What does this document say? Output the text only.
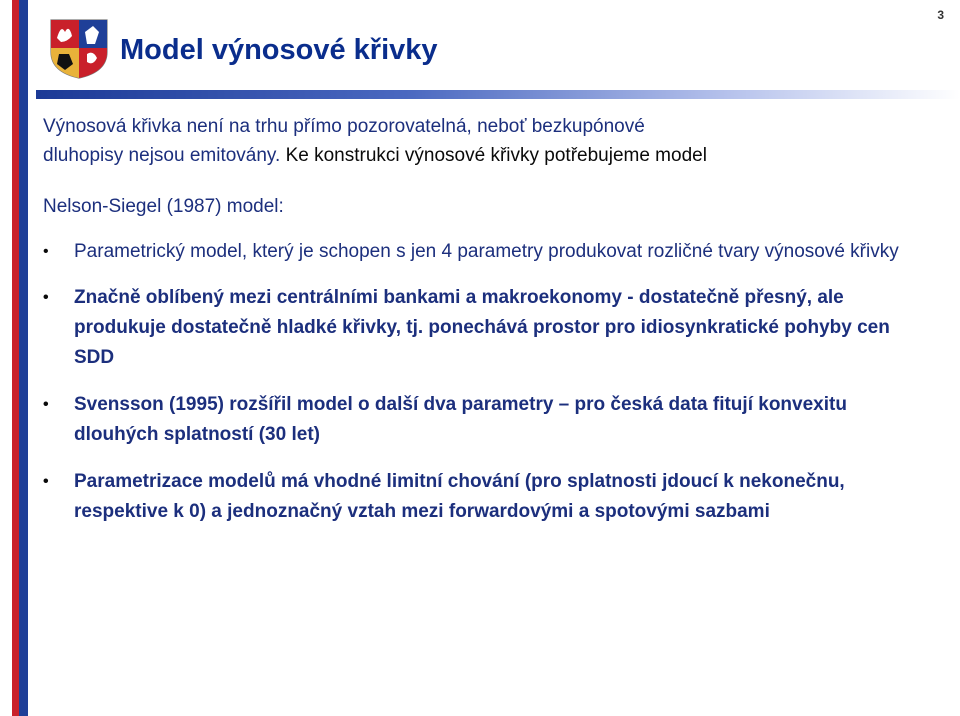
Model výnosové křivky
3
Výnosová křivka není na trhu přímo pozorovatelná, neboť bezkupónové
dluhopisy nejsou emitovány. Ke konstrukci výnosové křivky potřebujeme model
Nelson-Siegel (1987) model:
• Parametrický model, který je schopen s jen 4 parametry produkovat rozličné tvary výnosové křivky
• Značně oblíbený mezi centrálními bankami a makroekonomy - dostatečně přesný, ale produkuje dostatečně hladké křivky, tj. ponechává prostor pro idiosynkratické pohyby cen SDD
• Svensson (1995) rozšířil model o další dva parametry – pro česká data fitují konvexitu dlouhých splatností (30 let)
• Parametrizace modelů má vhodné limitní chování (pro splatnosti jdoucí k nekonečnu, respektive k 0) a jednoznačný vztah mezi forwardovými a spotovými sazbami
